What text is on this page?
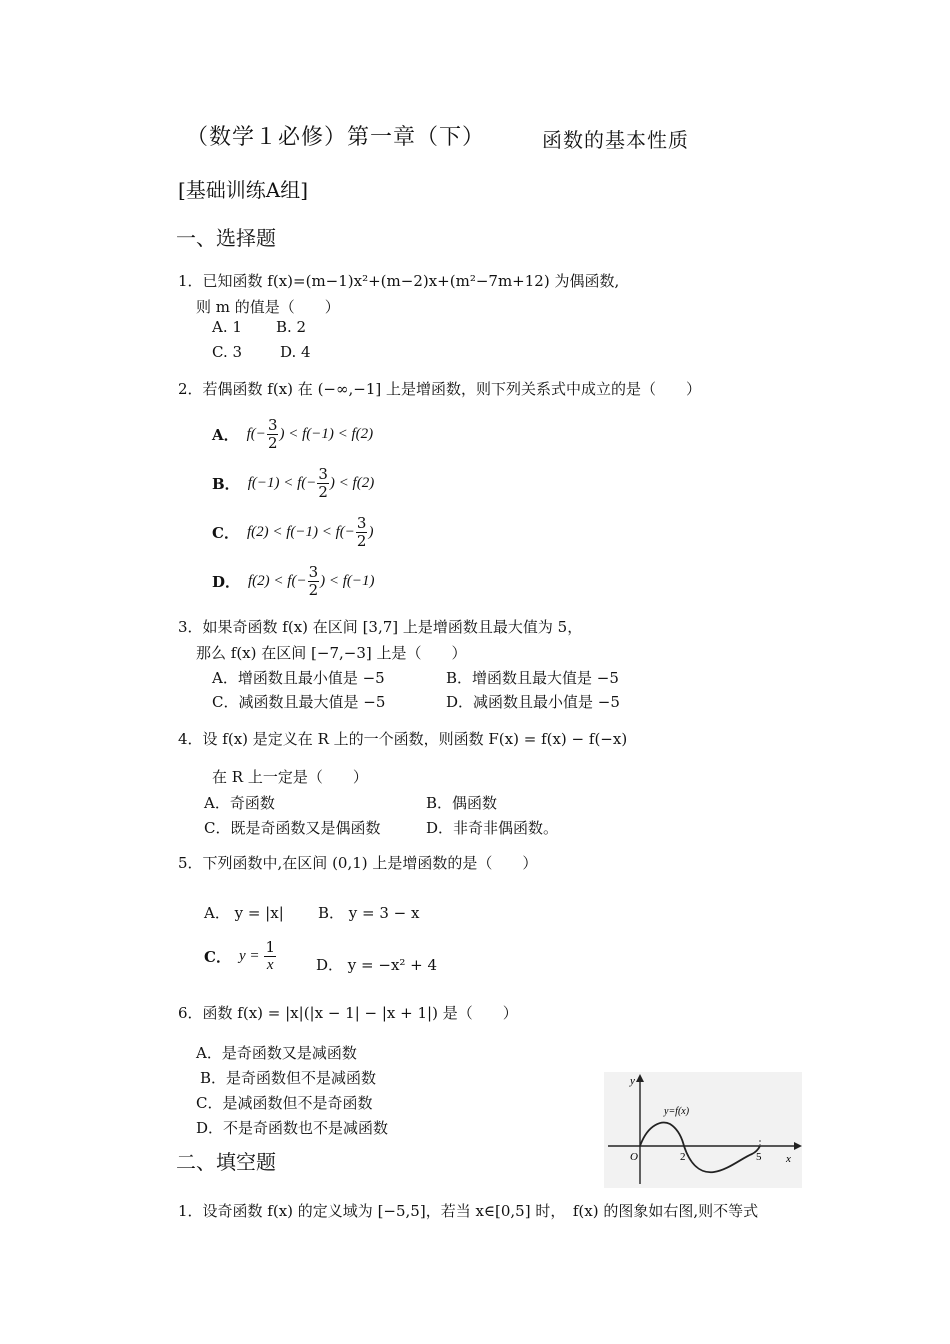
（数学１必修）第一章（下）	函数的基本性质
[基础训练A组]
一、选择题
1．已知函数 f(x)=(m−1)x²+(m−2)x+(m²−7m+12) 为偶函数,
则 m 的值是（　　）
A. 1 B. 2
C. 3	D. 4
2．若偶函数 f(x) 在 (−∞,−1] 上是增函数，则下列关系式中成立的是（　　）
A． $f(- \frac{3}{2}$ ) < f(−1) < f(2)
B． $f(-1) < f(- \frac{3}{2}$ ) < f(2)
C． $f(2) < f(-1) < f(- \frac{3}{2}$ )
D． $f(2) < f(- \frac{3}{2}$ ) < f(−1)
3．如果奇函数 f(x) 在区间 [3,7] 上是增函数且最大值为 5，
那么 f(x) 在区间 [−7,−3] 上是（　　）
A．增函数且最小值是 −5	B．增函数且最大值是 −5
C．减函数且最大值是 −5	D．减函数且最小值是 −5
4．设 f(x) 是定义在 R 上的一个函数，则函数 F(x) = f(x) − f(−x)
在 R 上一定是（　　）
A．奇函数	B．偶函数
C．既是奇函数又是偶函数	D．非奇非偶函数。
5．下列函数中,在区间 (0,1) 上是增函数的是（　　）
A． y = |x| B． y = 3 − x
C． $y = \frac{1}{x}$	D． y = −x² + 4
6．函数 f(x) = |x|(|x − 1| − |x + 1|) 是（　　）
A．是奇函数又是减函数
B．是奇函数但不是减函数
C．是减函数但不是奇函数
D．不是奇函数也不是减函数
二、填空题
1．设奇函数 f(x) 的定义域为 [−5,5]，若当 x∈[0,5] 时，　f(x) 的图象如右图,则不等式
y
x
O	2	5
y=f(x)
